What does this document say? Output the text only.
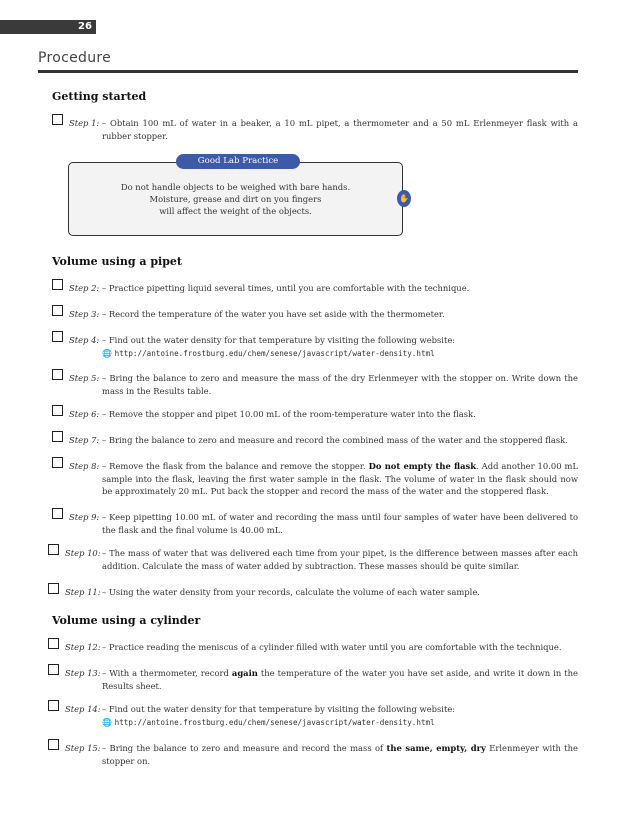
26
Procedure
Getting started
Step 1: – Obtain 100 mL of water in a beaker, a 10 mL pipet, a thermometer and a 50 mL Erlenmeyer flask with a rubber stopper.
Good Lab Practice
Do not handle objects to be weighed with bare hands.
Moisture, grease and dirt on you fingers
will affect the weight of the objects.
✋
Volume using a pipet
Step 2: – Practice pipetting liquid several times, until you are comfortable with the technique.
Step 3: – Record the temperature of the water you have set aside with the thermometer.
Step 4: – Find out the water density for that temperature by visiting the following website:
🌐 http://antoine.frostburg.edu/chem/senese/javascript/water-density.html
Step 5: – Bring the balance to zero and measure the mass of the dry Erlenmeyer with the stopper on. Write down the mass in the Results table.
Step 6: – Remove the stopper and pipet 10.00 mL of the room-temperature water into the flask.
Step 7: – Bring the balance to zero and measure and record the combined mass of the water and the stoppered flask.
Step 8: – Remove the flask from the balance and remove the stopper. Do not empty the flask. Add another 10.00 mL sample into the flask, leaving the first water sample in the flask. The volume of water in the flask should now be approximately 20 mL. Put back the stopper and record the mass of the water and the stoppered flask.
Step 9: – Keep pipetting 10.00 mL of water and recording the mass until four samples of water have been delivered to the flask and the final volume is 40.00 mL.
Step 10: – The mass of water that was delivered each time from your pipet, is the difference between masses after each addition. Calculate the mass of water added by subtraction. These masses should be quite similar.
Step 11: – Using the water density from your records, calculate the volume of each water sample.
Volume using a cylinder
Step 12: – Practice reading the meniscus of a cylinder filled with water until you are comfortable with the technique.
Step 13: – With a thermometer, record again the temperature of the water you have set aside, and write it down in the Results sheet.
Step 14: – Find out the water density for that temperature by visiting the following website:
🌐 http://antoine.frostburg.edu/chem/senese/javascript/water-density.html
Step 15: – Bring the balance to zero and measure and record the mass of the same, empty, dry Erlenmeyer with the stopper on.
